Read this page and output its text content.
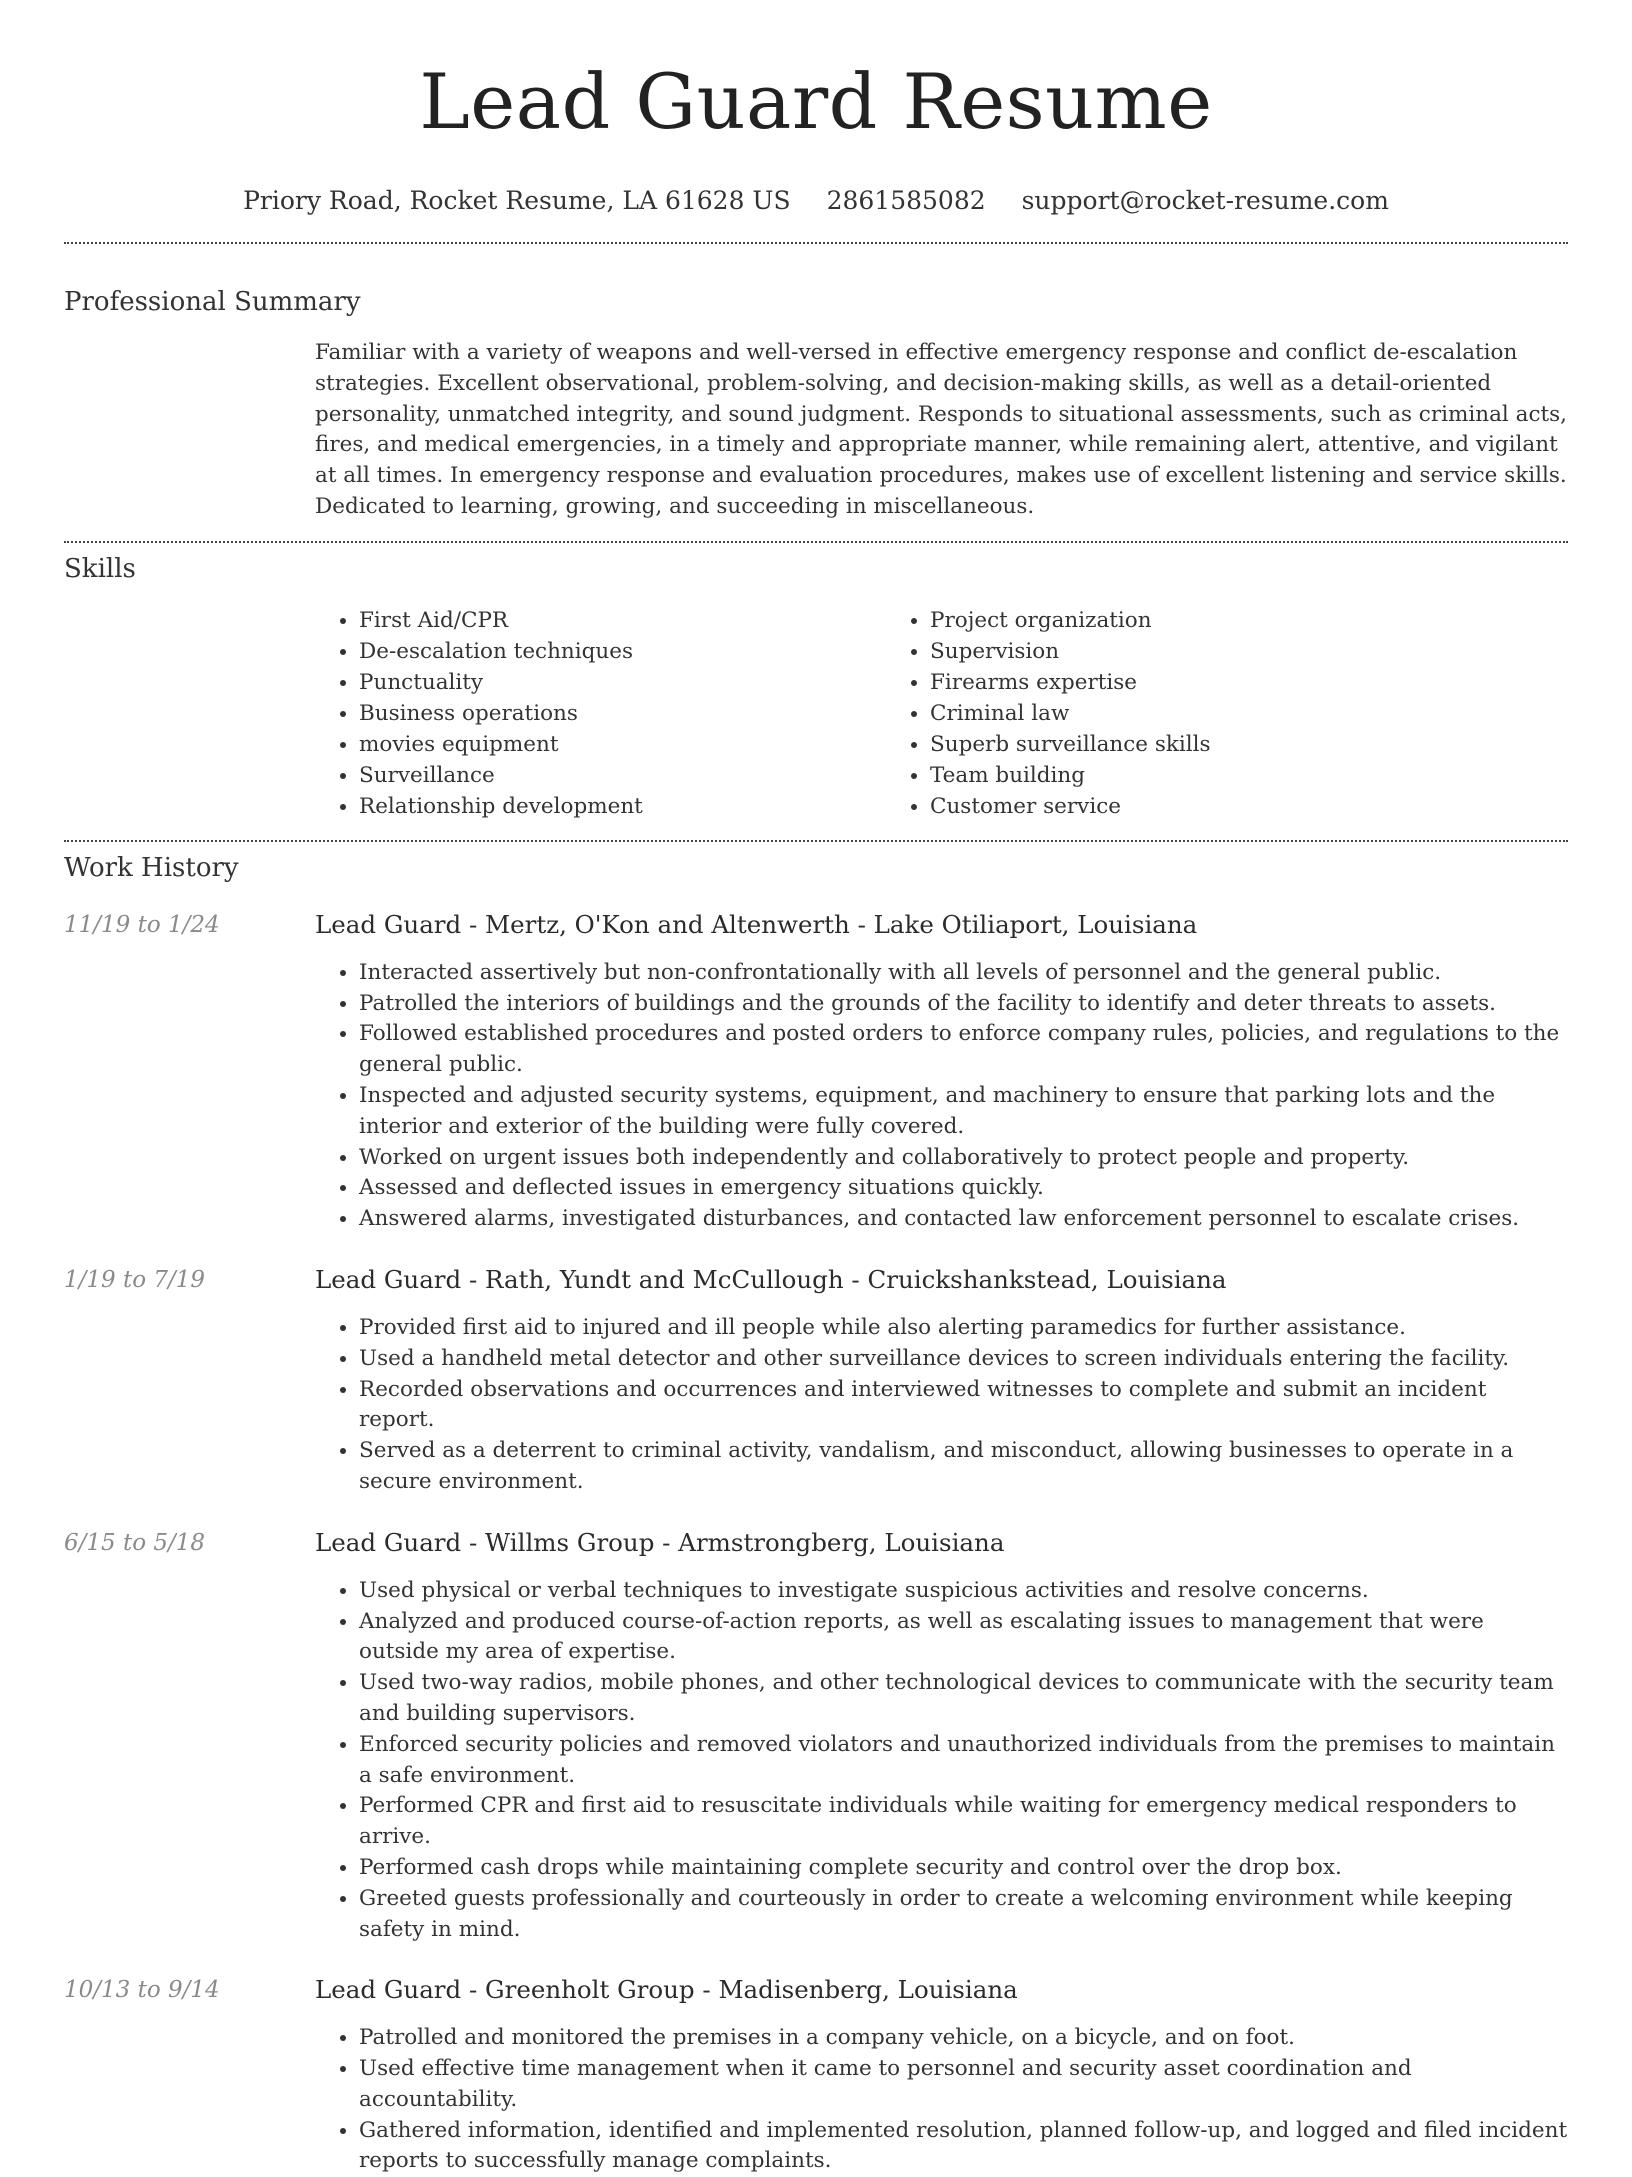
Lead Guard Resume
Priory Road, Rocket Resume, LA 61628 US 2861585082 support@rocket-resume.com
Professional Summary
Familiar with a variety of weapons and well-versed in effective emergency response and conflict de-escalation strategies. Excellent observational, problem-solving, and decision-making skills, as well as a detail-oriented personality, unmatched integrity, and sound judgment. Responds to situational assessments, such as criminal acts, fires, and medical emergencies, in a timely and appropriate manner, while remaining alert, attentive, and vigilant at all times. In emergency response and evaluation procedures, makes use of excellent listening and service skills. Dedicated to learning, growing, and succeeding in miscellaneous.
Skills
• First Aid/CPR
• De-escalation techniques
• Punctuality
• Business operations
• movies equipment
• Surveillance
• Relationship development
• Project organization
• Supervision
• Firearms expertise
• Criminal law
• Superb surveillance skills
• Team building
• Customer service
Work History
11/19 to 1/24	Lead Guard - Mertz, O'Kon and Altenwerth - Lake Otiliaport, Louisiana
• Interacted assertively but non-confrontationally with all levels of personnel and the general public.
• Patrolled the interiors of buildings and the grounds of the facility to identify and deter threats to assets.
• Followed established procedures and posted orders to enforce company rules, policies, and regulations to the general public.
• Inspected and adjusted security systems, equipment, and machinery to ensure that parking lots and the interior and exterior of the building were fully covered.
• Worked on urgent issues both independently and collaboratively to protect people and property.
• Assessed and deflected issues in emergency situations quickly.
• Answered alarms, investigated disturbances, and contacted law enforcement personnel to escalate crises.
1/19 to 7/19	Lead Guard - Rath, Yundt and McCullough - Cruickshankstead, Louisiana
• Provided first aid to injured and ill people while also alerting paramedics for further assistance.
• Used a handheld metal detector and other surveillance devices to screen individuals entering the facility.
• Recorded observations and occurrences and interviewed witnesses to complete and submit an incident report.
• Served as a deterrent to criminal activity, vandalism, and misconduct, allowing businesses to operate in a secure environment.
6/15 to 5/18	Lead Guard - Willms Group - Armstrongberg, Louisiana
• Used physical or verbal techniques to investigate suspicious activities and resolve concerns.
• Analyzed and produced course-of-action reports, as well as escalating issues to management that were outside my area of expertise.
• Used two-way radios, mobile phones, and other technological devices to communicate with the security team and building supervisors.
• Enforced security policies and removed violators and unauthorized individuals from the premises to maintain a safe environment.
• Performed CPR and first aid to resuscitate individuals while waiting for emergency medical responders to arrive.
• Performed cash drops while maintaining complete security and control over the drop box.
• Greeted guests professionally and courteously in order to create a welcoming environment while keeping safety in mind.
10/13 to 9/14	Lead Guard - Greenholt Group - Madisenberg, Louisiana
• Patrolled and monitored the premises in a company vehicle, on a bicycle, and on foot.
• Used effective time management when it came to personnel and security asset coordination and accountability.
• Gathered information, identified and implemented resolution, planned follow-up, and logged and filed incident reports to successfully manage complaints.
